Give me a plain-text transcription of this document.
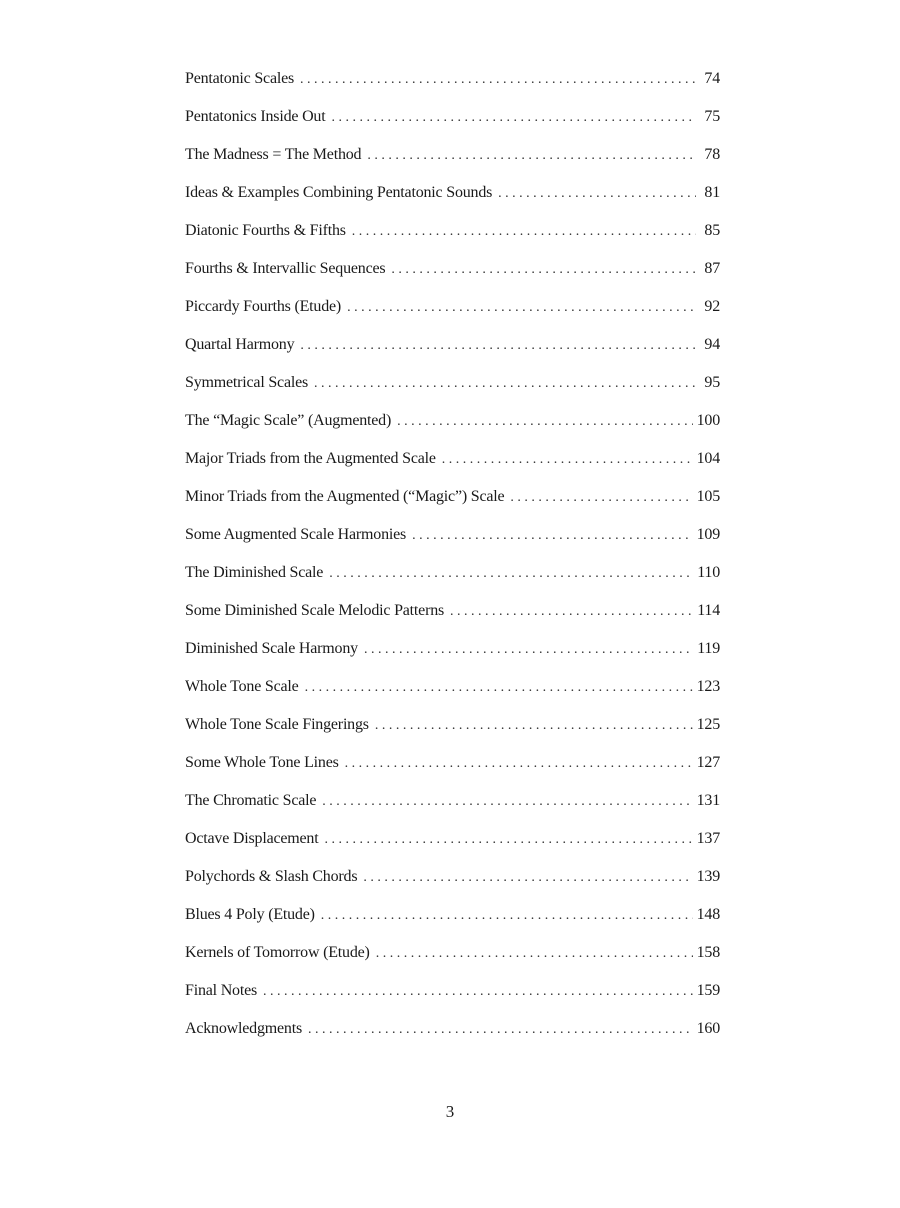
Pentatonic Scales . . .	74
Pentatonics Inside Out . . .	75
The Madness = The Method . . .	78
Ideas & Examples Combining Pentatonic Sounds . . .	81
Diatonic Fourths & Fifths . . .	85
Fourths & Intervallic Sequences . . .	87
Piccardy Fourths (Etude) . . .	92
Quartal Harmony . . .	94
Symmetrical Scales . . .	95
The “Magic Scale” (Augmented) . . .	100
Major Triads from the Augmented Scale . . .	104
Minor Triads from the Augmented (“Magic”) Scale . . .	105
Some Augmented Scale Harmonies . . .	109
The Diminished Scale . . .	110
Some Diminished Scale Melodic Patterns . . .	114
Diminished Scale Harmony . . .	119
Whole Tone Scale . . .	123
Whole Tone Scale Fingerings . . .	125
Some Whole Tone Lines . . .	127
The Chromatic Scale . . .	131
Octave Displacement . . .	137
Polychords & Slash Chords . . .	139
Blues 4 Poly (Etude) . . .	148
Kernels of Tomorrow (Etude) . . .	158
Final Notes . . .	159
Acknowledgments . . .	160
3
